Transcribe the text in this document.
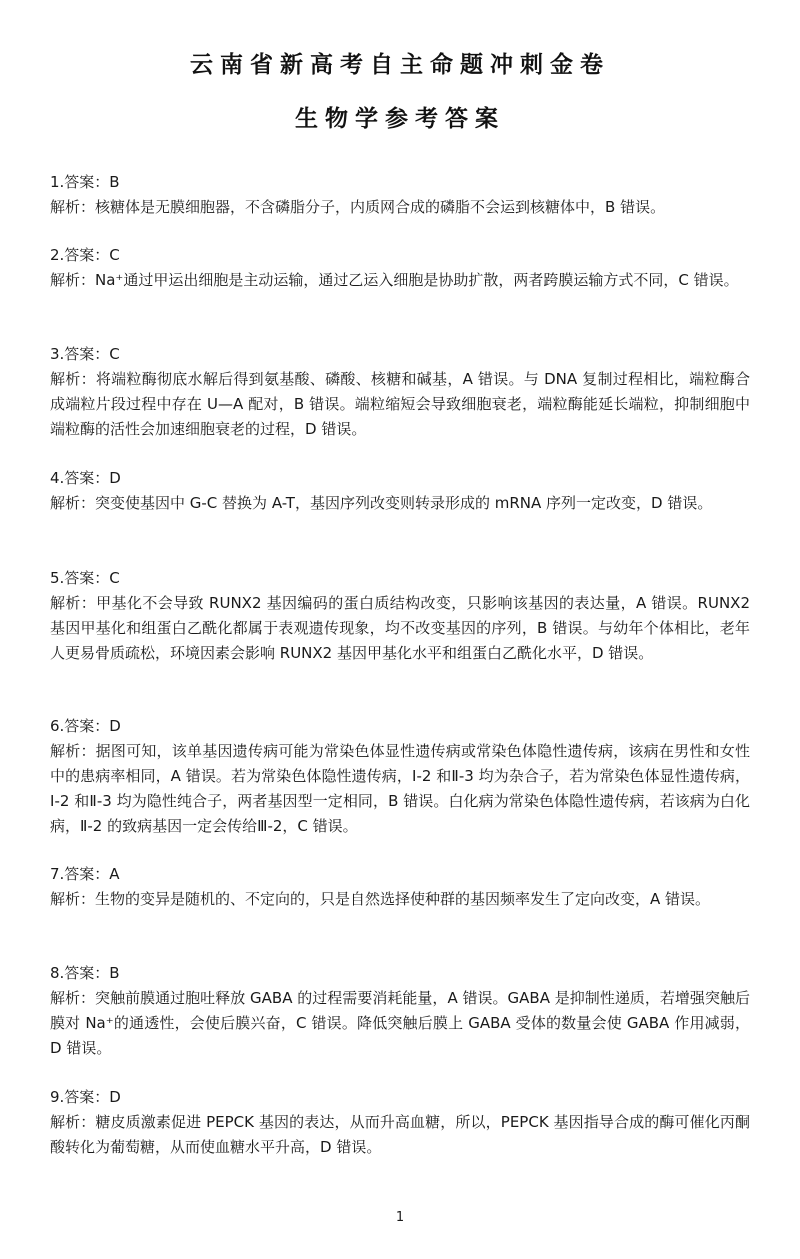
云南省新高考自主命题冲刺金卷
生物学参考答案
1.答案：B
解析：核糖体是无膜细胞器，不含磷脂分子，内质网合成的磷脂不会运到核糖体中，B 错误。
2.答案：C
解析：Na⁺通过甲运出细胞是主动运输，通过乙运入细胞是协助扩散，两者跨膜运输方式不同，C 错误。
3.答案：C
解析：将端粒酶彻底水解后得到氨基酸、磷酸、核糖和碱基，A 错误。与 DNA 复制过程相比，端粒酶合成端粒片段过程中存在 U—A 配对，B 错误。端粒缩短会导致细胞衰老，端粒酶能延长端粒，抑制细胞中端粒酶的活性会加速细胞衰老的过程，D 错误。
4.答案：D
解析：突变使基因中 G-C 替换为 A-T，基因序列改变则转录形成的 mRNA 序列一定改变，D 错误。
5.答案：C
解析：甲基化不会导致 RUNX2 基因编码的蛋白质结构改变，只影响该基因的表达量，A 错误。RUNX2 基因甲基化和组蛋白乙酰化都属于表观遗传现象，均不改变基因的序列，B 错误。与幼年个体相比，老年人更易骨质疏松，环境因素会影响 RUNX2 基因甲基化水平和组蛋白乙酰化水平，D 错误。
6.答案：D
解析：据图可知，该单基因遗传病可能为常染色体显性遗传病或常染色体隐性遗传病，该病在男性和女性中的患病率相同，A 错误。若为常染色体隐性遗传病，Ⅰ-2 和Ⅱ-3 均为杂合子，若为常染色体显性遗传病，Ⅰ-2 和Ⅱ-3 均为隐性纯合子，两者基因型一定相同，B 错误。白化病为常染色体隐性遗传病，若该病为白化病，Ⅱ-2 的致病基因一定会传给Ⅲ-2，C 错误。
7.答案：A
解析：生物的变异是随机的、不定向的，只是自然选择使种群的基因频率发生了定向改变，A 错误。
8.答案：B
解析：突触前膜通过胞吐释放 GABA 的过程需要消耗能量，A 错误。GABA 是抑制性递质，若增强突触后膜对 Na⁺的通透性，会使后膜兴奋，C 错误。降低突触后膜上 GABA 受体的数量会使 GABA 作用减弱，D 错误。
9.答案：D
解析：糖皮质激素促进 PEPCK 基因的表达，从而升高血糖，所以，PEPCK 基因指导合成的酶可催化丙酮酸转化为葡萄糖，从而使血糖水平升高，D 错误。
1
